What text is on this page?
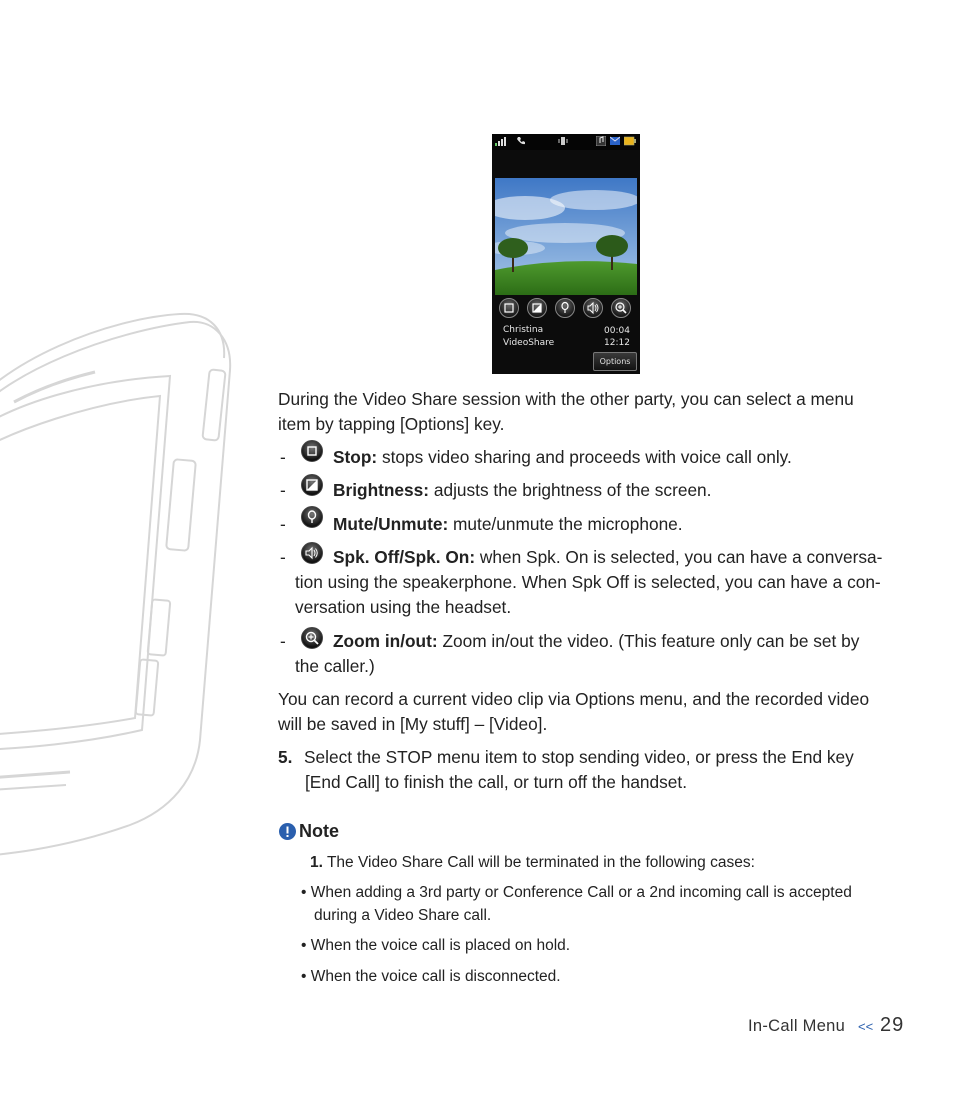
Christina
VideoShare
00:04
12:12
Options
During the Video Share session with the other party, you can select a menu
item by tapping [Options] key.
-	Stop: stops video sharing and proceeds with voice call only.
-	Brightness: adjusts the brightness of the screen.
-	Mute/Unmute: mute/unmute the microphone.
-	Spk. Off/Spk. On: when Spk. On is selected, you can have a conversa-
tion using the speakerphone. When Spk Off is selected, you can have a con-
versation using the headset.
-	Zoom in/out: Zoom in/out the video. (This feature only can be set by
the caller.)
You can record a current video clip via Options menu, and the recorded video
will be saved in [My stuff] – [Video].
5. Select the STOP menu item to stop sending video, or press the End key
[End Call] to finish the call, or turn off the handset.
Note
1. The Video Share Call will be terminated in the following cases:
• When adding a 3rd party or Conference Call or a 2nd incoming call is accepted
during a Video Share call.
• When the voice call is placed on hold.
• When the voice call is disconnected.
In-Call Menu << 29
